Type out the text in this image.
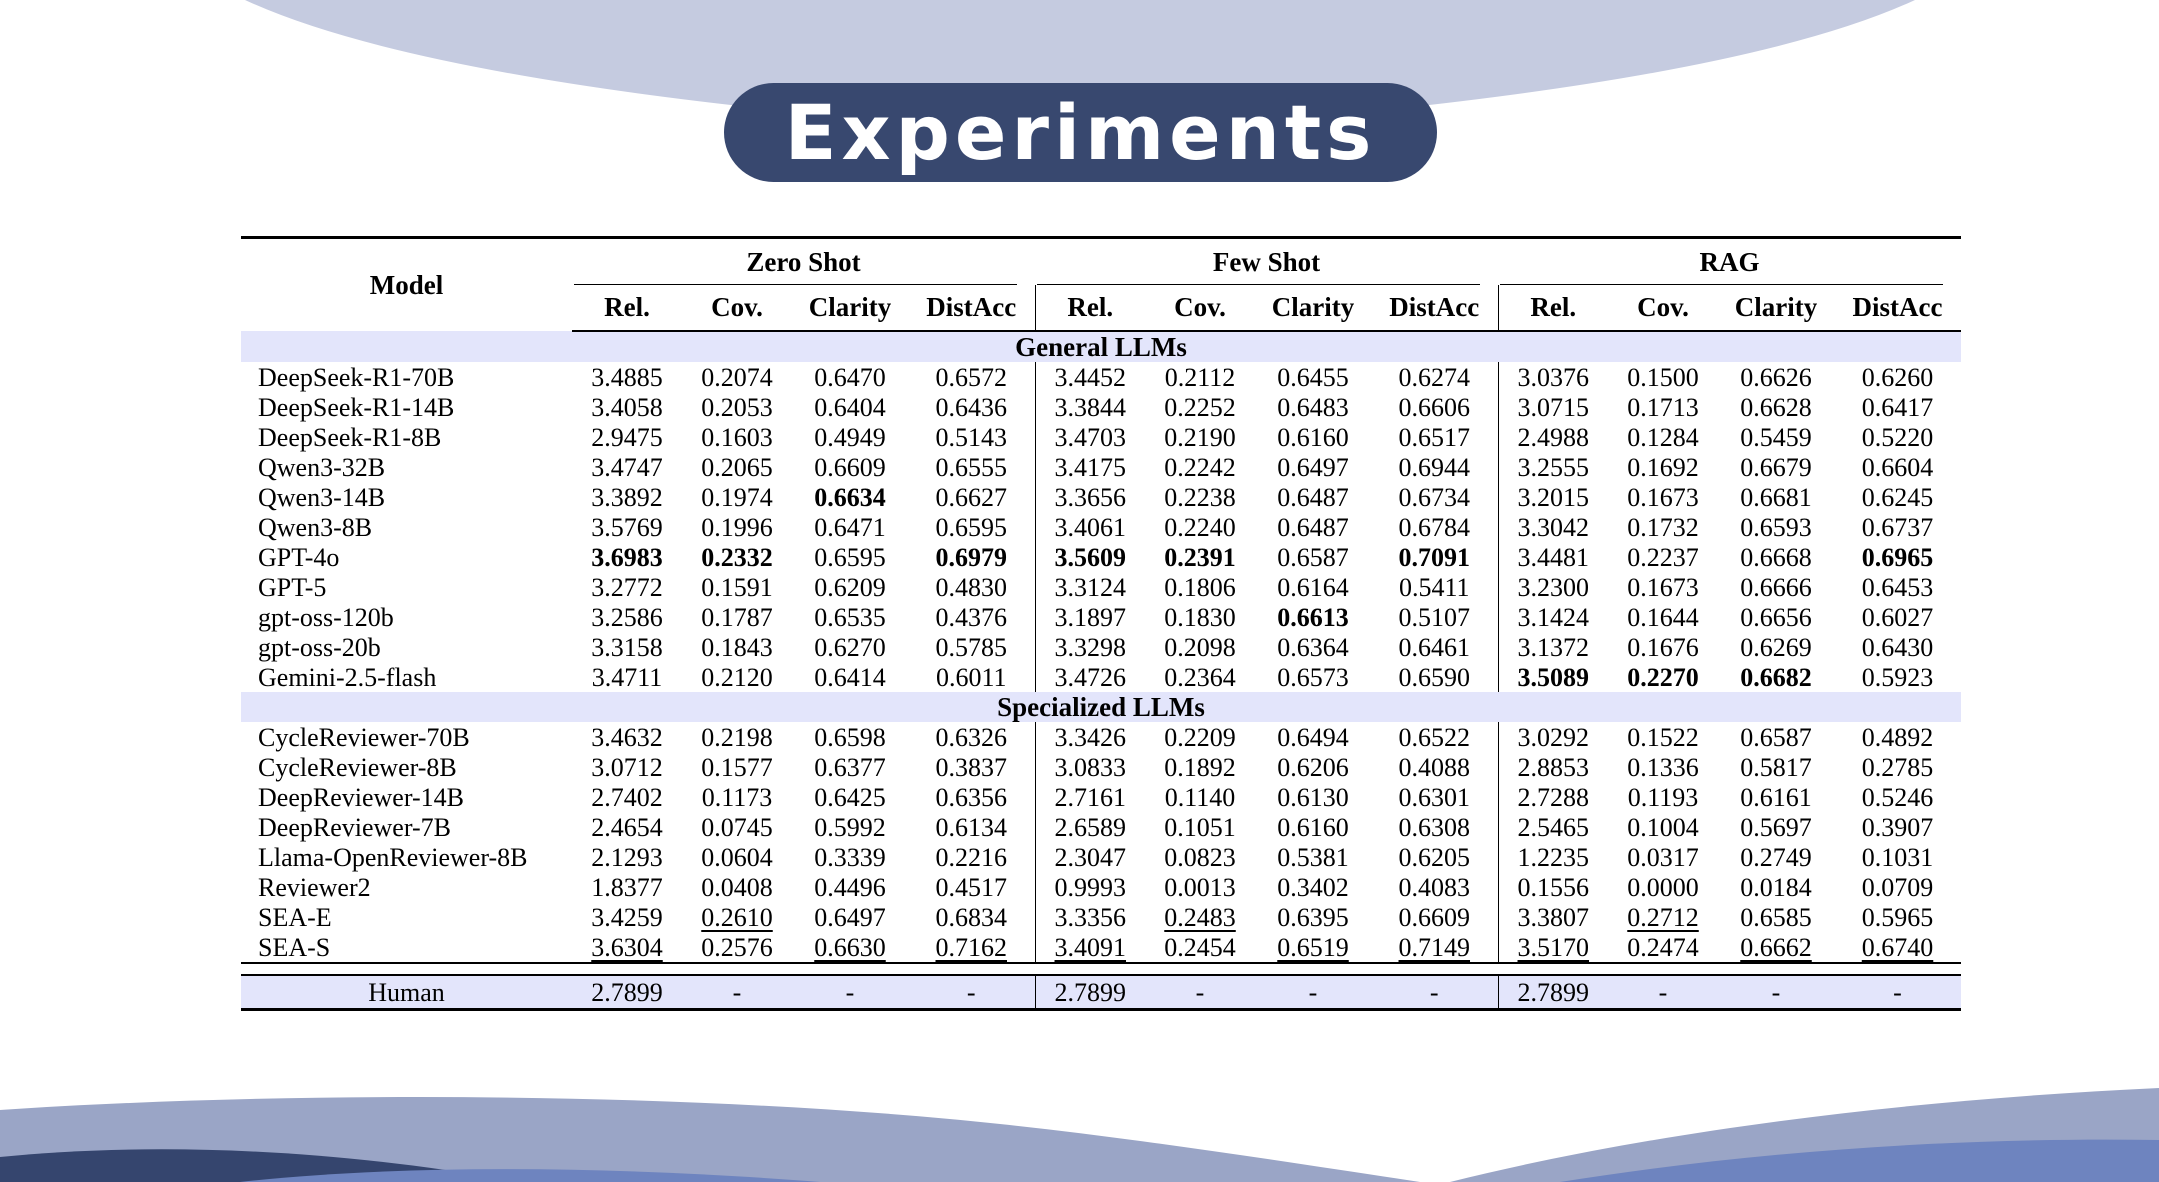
Experiments
Model	Zero Shot				Few Shot				RAG			
	Rel.	Cov.	Clarity	DistAcc	Rel.	Cov.	Clarity	DistAcc	Rel.	Cov.	Clarity	DistAcc
General LLMs												
DeepSeek-R1-70B	3.4885	0.2074	0.6470	0.6572	3.4452	0.2112	0.6455	0.6274	3.0376	0.1500	0.6626	0.6260
DeepSeek-R1-14B	3.4058	0.2053	0.6404	0.6436	3.3844	0.2252	0.6483	0.6606	3.0715	0.1713	0.6628	0.6417
DeepSeek-R1-8B	2.9475	0.1603	0.4949	0.5143	3.4703	0.2190	0.6160	0.6517	2.4988	0.1284	0.5459	0.5220
Qwen3-32B	3.4747	0.2065	0.6609	0.6555	3.4175	0.2242	0.6497	0.6944	3.2555	0.1692	0.6679	0.6604
Qwen3-14B	3.3892	0.1974	0.6634	0.6627	3.3656	0.2238	0.6487	0.6734	3.2015	0.1673	0.6681	0.6245
Qwen3-8B	3.5769	0.1996	0.6471	0.6595	3.4061	0.2240	0.6487	0.6784	3.3042	0.1732	0.6593	0.6737
GPT-4o	3.6983	0.2332	0.6595	0.6979	3.5609	0.2391	0.6587	0.7091	3.4481	0.2237	0.6668	0.6965
GPT-5	3.2772	0.1591	0.6209	0.4830	3.3124	0.1806	0.6164	0.5411	3.2300	0.1673	0.6666	0.6453
gpt-oss-120b	3.2586	0.1787	0.6535	0.4376	3.1897	0.1830	0.6613	0.5107	3.1424	0.1644	0.6656	0.6027
gpt-oss-20b	3.3158	0.1843	0.6270	0.5785	3.3298	0.2098	0.6364	0.6461	3.1372	0.1676	0.6269	0.6430
Gemini-2.5-flash	3.4711	0.2120	0.6414	0.6011	3.4726	0.2364	0.6573	0.6590	3.5089	0.2270	0.6682	0.5923
Specialized LLMs												
CycleReviewer-70B	3.4632	0.2198	0.6598	0.6326	3.3426	0.2209	0.6494	0.6522	3.0292	0.1522	0.6587	0.4892
CycleReviewer-8B	3.0712	0.1577	0.6377	0.3837	3.0833	0.1892	0.6206	0.4088	2.8853	0.1336	0.5817	0.2785
DeepReviewer-14B	2.7402	0.1173	0.6425	0.6356	2.7161	0.1140	0.6130	0.6301	2.7288	0.1193	0.6161	0.5246
DeepReviewer-7B	2.4654	0.0745	0.5992	0.6134	2.6589	0.1051	0.6160	0.6308	2.5465	0.1004	0.5697	0.3907
Llama-OpenReviewer-8B	2.1293	0.0604	0.3339	0.2216	2.3047	0.0823	0.5381	0.6205	1.2235	0.0317	0.2749	0.1031
Reviewer2	1.8377	0.0408	0.4496	0.4517	0.9993	0.0013	0.3402	0.4083	0.1556	0.0000	0.0184	0.0709
SEA-E	3.4259	0.2610	0.6497	0.6834	3.3356	0.2483	0.6395	0.6609	3.3807	0.2712	0.6585	0.5965
SEA-S	3.6304	0.2576	0.6630	0.7162	3.4091	0.2454	0.6519	0.7149	3.5170	0.2474	0.6662	0.6740

Human	2.7899	-	-	-	2.7899	-	-	-	2.7899	-	-	-
